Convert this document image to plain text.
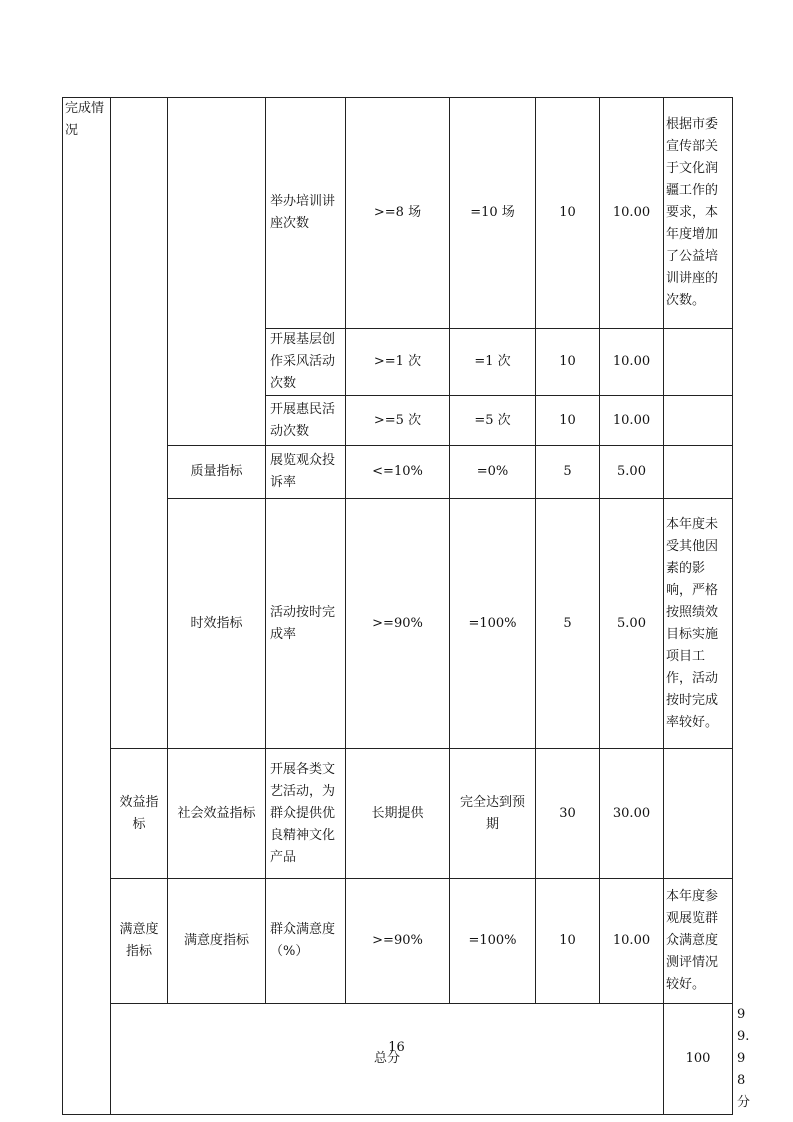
完成情况			举办培训讲座次数	>=8 场	=10 场	10	10.00	根据市委宣传部关于文化润疆工作的要求，本年度增加了公益培训讲座的次数。	
			开展基层创作采风活动次数	>=1 次	=1 次	10	10.00		
			开展惠民活动次数	>=5 次	=5 次	10	10.00		
		质量指标	展览观众投诉率	<=10%	=0%	5	5.00		
		时效指标	活动按时完成率	>=90%	=100%	5	5.00	本年度未受其他因素的影响，严格按照绩效目标实施项目工作，活动按时完成率较好。	
	效益指标	社会效益指标	开展各类文艺活动，为群众提供优良精神文化产品	长期提供	完全达到预期	30	30.00		
	满意度指标	满意度指标	群众满意度（%）	>=90%	=100%	10	10.00	本年度参观展览群众满意度测评情况较好。	
	总分							100	99.98 分	
16
